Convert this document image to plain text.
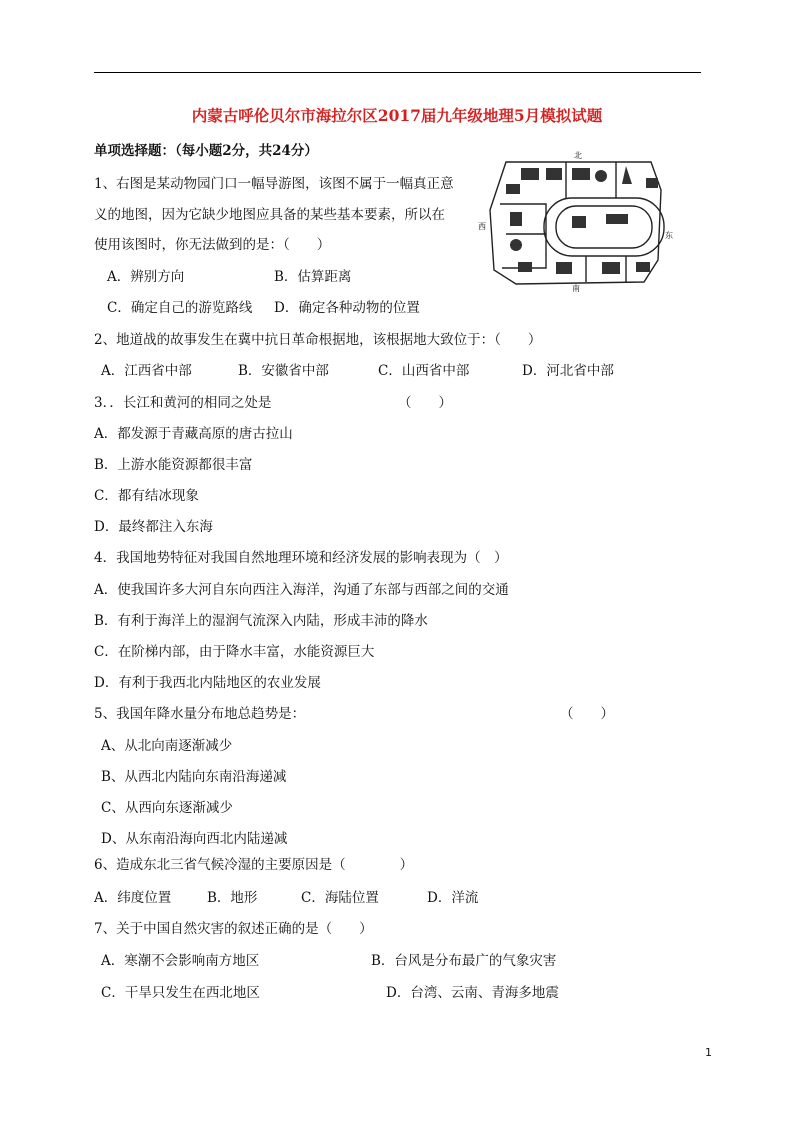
内蒙古呼伦贝尔市海拉尔区2017届九年级地理5月模拟试题
单项选择题：（每小题2分，共24分）
1、右图是某动物园门口一幅导游图，该图不属于一幅真正意
义的地图，因为它缺少地图应具备的某些基本要素，所以在
使用该图时，你无法做到的是：（　　）
A．辨别方向	B．估算距离
C．确定自己的游览路线 D．确定各种动物的位置
北
南
东
西
2、地道战的故事发生在冀中抗日革命根据地，该根据地大致位于：（　　）
A．江西省中部	B．安徽省中部	C．山西省中部	D．河北省中部
3．．长江和黄河的相同之处是	（　　）
A．都发源于青藏高原的唐古拉山
B．上游水能资源都很丰富
C．都有结冰现象
D．最终都注入东海
4．我国地势特征对我国自然地理环境和经济发展的影响表现为（　）
A．使我国许多大河自东向西注入海洋，沟通了东部与西部之间的交通
B．有利于海洋上的湿润气流深入内陆，形成丰沛的降水
C．在阶梯内部，由于降水丰富，水能资源巨大
D．有利于我西北内陆地区的农业发展
5、我国年降水量分布地总趋势是：	（　　）
A、从北向南逐渐减少
B、从西北内陆向东南沿海递减
C、从西向东逐渐减少
D、从东南沿海向西北内陆递减
6、造成东北三省气候冷湿的主要原因是（　　　　）
A．纬度位置	B．地形	C．海陆位置	D．洋流
7、关于中国自然灾害的叙述正确的是（　　）
A．寒潮不会影响南方地区	B．台风是分布最广的气象灾害
C．干旱只发生在西北地区	D．台湾、云南、青海多地震
1
